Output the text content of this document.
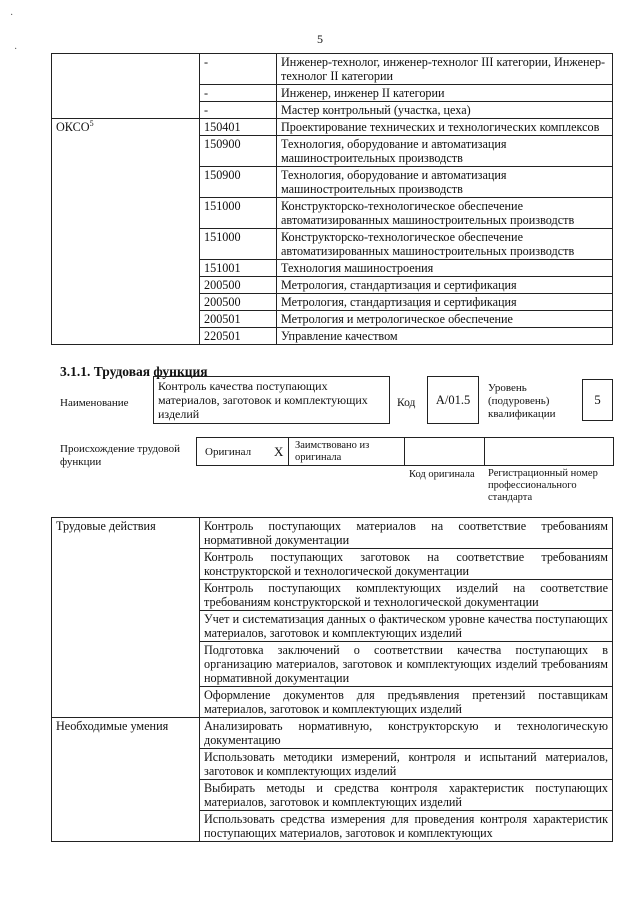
5
·
·
	-	Инженер-технолог, инженер-технолог III категории, Инженер-технолог II категории
	-	Инженер, инженер II категории
	-	Мастер контрольный (участка, цеха)
ОКСО$^5$	150401	Проектирование технических и технологических комплексов
	150900	Технология, оборудование и автоматизация машиностроительных производств
	150900	Технология, оборудование и автоматизация машиностроительных производств
	151000	Конструкторско-технологическое обеспечение автоматизированных машиностроительных производств
	151000	Конструкторско-технологическое обеспечение автоматизированных машиностроительных производств
	151001	Технология машиностроения
	200500	Метрология, стандартизация и сертификация
	200500	Метрология, стандартизация и сертификация
	200501	Метрология и метрологическое обеспечение
	220501	Управление качеством
3.1.1. Трудовая функция
Наименование
Контроль качества поступающих материалов, заготовок и комплектующих изделий
Код	A/01.5
Уровень (подуровень) квалификации
5
Происхождение трудовой функции
Оригинал X Заимствовано из оригинала
Код оригинала Регистрационный номер профессионального стандарта
Трудовые действия	Контроль поступающих материалов на соответствие требованиям нормативной документации
	Контроль поступающих заготовок на соответствие требованиям конструкторской и технологической документации
	Контроль поступающих комплектующих изделий на соответствие требованиям конструкторской и технологической документации
	Учет и систематизация данных о фактическом уровне качества поступающих материалов, заготовок и комплектующих изделий
	Подготовка заключений о соответствии качества поступающих в организацию материалов, заготовок и комплектующих изделий требованиям нормативной документации
	Оформление документов для предъявления претензий поставщикам материалов, заготовок и комплектующих изделий
Необходимые умения	Анализировать нормативную, конструкторскую и технологическую документацию
	Использовать методики измерений, контроля и испытаний материалов, заготовок и комплектующих изделий
	Выбирать методы и средства контроля характеристик поступающих материалов, заготовок и комплектующих изделий
	Использовать средства измерения для проведения контроля характеристик поступающих материалов, заготовок и комплектующих
